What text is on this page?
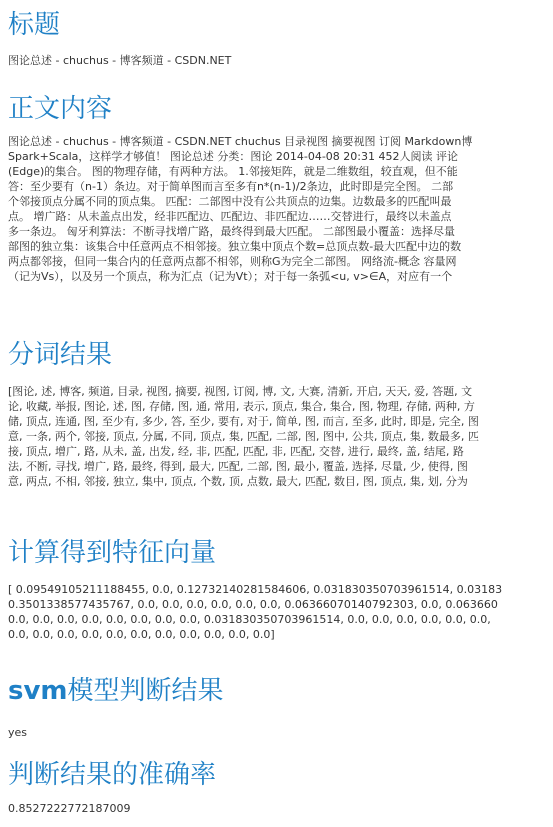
标题

图论总述 - chuchus - 博客频道 - CSDN.NET

正文内容
图论总述 - chuchus - 博客频道 - CSDN.NET chuchus 目录视图 摘要视图 订阅 Markdown博
Spark+Scala，这样学才够值！ 图论总述 分类：图论 2014-04-08 20:31 452人阅读 评论
(Edge)的集合。 图的物理存储，有两种方法。 1.邻接矩阵，就是二维数组，较直观，但不能
答：至少要有（n-1）条边。对于简单图而言至多有n*(n-1)/2条边，此时即是完全图。 二部
个邻接顶点分属不同的顶点集。 匹配：二部图中没有公共顶点的边集。边数最多的匹配叫最
点。 增广路：从未盖点出发，经非匹配边、匹配边、非匹配边……交替进行，最终以未盖点
多一条边。 匈牙利算法：不断寻找增广路，最终得到最大匹配。 二部图最小覆盖：选择尽量
部图的独立集：该集合中任意两点不相邻接。独立集中顶点个数=总顶点数-最大匹配中边的数
两点都邻接，但同一集合内的任意两点都不相邻，则称G为完全二部图。 网络流-概念 容量网
（记为Vs），以及另一个顶点，称为汇点（记为Vt）；对于每一条弧<u, v>∈A，对应有一个
分词结果
[图论, 述, 博客, 频道, 目录, 视图, 摘要, 视图, 订阅, 博, 文, 大赛, 清新, 开启, 天天, 爱, 答题, 文
论, 收藏, 举报, 图论, 述, 图, 存储, 图, 通, 常用, 表示, 顶点, 集合, 集合, 图, 物理, 存储, 两种, 方
储, 顶点, 连通, 图, 至少有, 多少, 答, 至少, 要有, 对于, 简单, 图, 而言, 至多, 此时, 即是, 完全, 图
意, 一条, 两个, 邻接, 顶点, 分属, 不同, 顶点, 集, 匹配, 二部, 图, 图中, 公共, 顶点, 集, 数最多, 匹
接, 顶点, 增广, 路, 从未, 盖, 出发, 经, 非, 匹配, 匹配, 非, 匹配, 交替, 进行, 最终, 盖, 结尾, 路
法, 不断, 寻找, 增广, 路, 最终, 得到, 最大, 匹配, 二部, 图, 最小, 覆盖, 选择, 尽量, 少, 使得, 图
意, 两点, 不相, 邻接, 独立, 集中, 顶点, 个数, 顶, 点数, 最大, 匹配, 数目, 图, 顶点, 集, 划, 分为
计算得到特征向量
[ 0.09549105211188455, 0.0, 0.12732140281584606, 0.031830350703961514, 0.03183
0.3501338577435767, 0.0, 0.0, 0.0, 0.0, 0.0, 0.0, 0.0636607014079230​3, 0.0, 0.063660
0.0, 0.0, 0.0, 0.0, 0.0, 0.0, 0.0, 0.0, 0.031830350703961514, 0.0, 0.0, 0.0, 0.0, 0.0, 0.0,
0.0, 0.0, 0.0, 0.0, 0.0, 0.0, 0.0, 0.0, 0.0, 0.0, 0.0]
svm模型判断结果

yes

判断结果的准确率

0.8527222772187009
